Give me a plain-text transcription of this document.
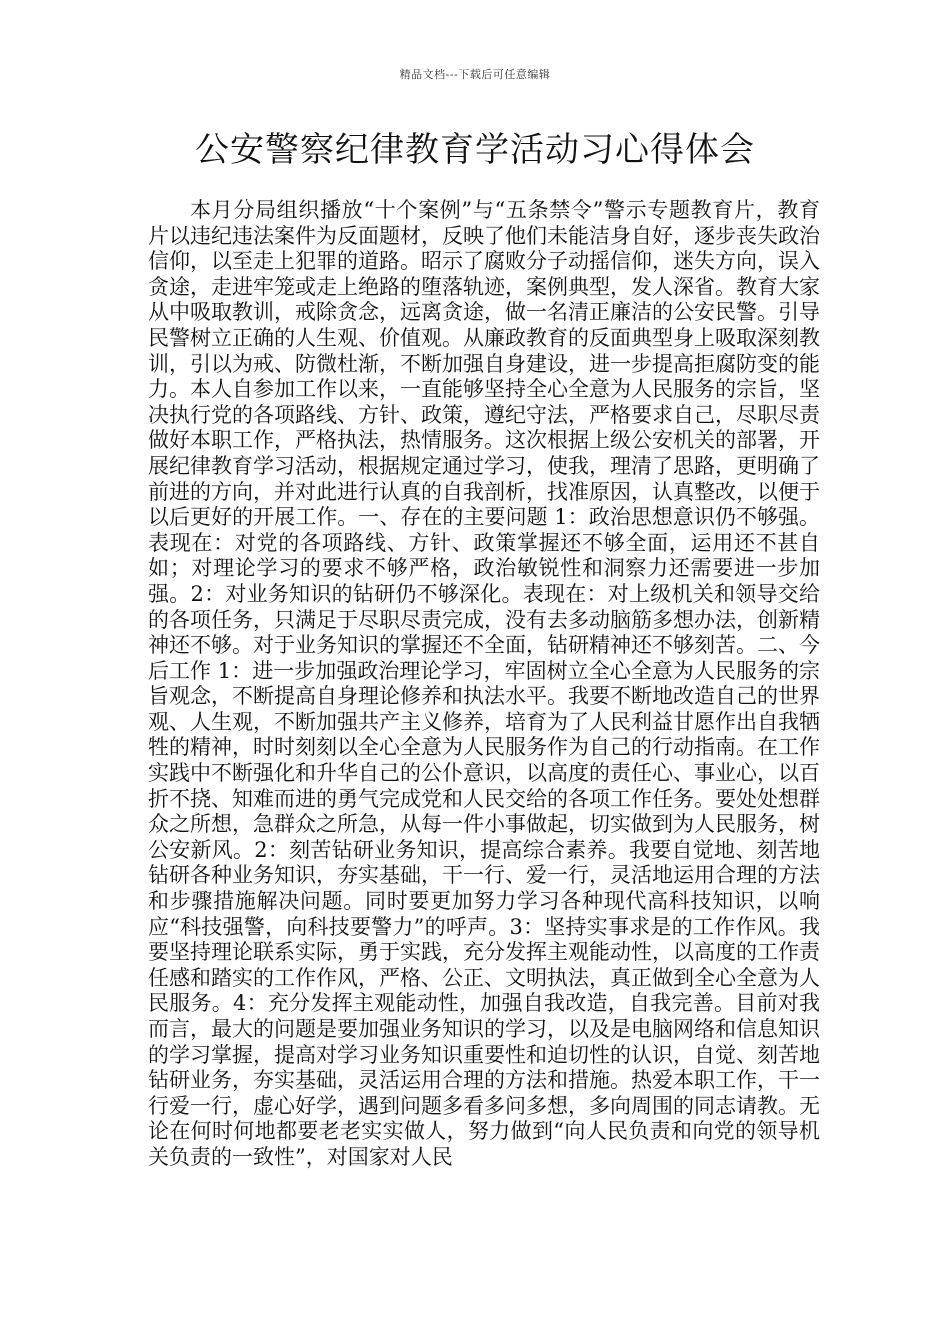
精品文档---下载后可任意编辑
公安警察纪律教育学活动习心得体会

本月分局组织播放“十个案例”与“五条禁令”警示专题教育片，教育片以违纪违法案件为反面题材，反映了他们未能洁身自好，逐步丧失政治信仰，以至走上犯罪的道路。昭示了腐败分子动摇信仰，迷失方向，误入贪途，走进牢笼或走上绝路的堕落轨迹，案例典型，发人深省。教育大家从中吸取教训，戒除贪念，远离贪途，做一名清正廉洁的公安民警。引导民警树立正确的人生观、价值观。从廉政教育的反面典型身上吸取深刻教训，引以为戒、防微杜渐，不断加强自身建设，进一步提高拒腐防变的能力。本人自参加工作以来，一直能够坚持全心全意为人民服务的宗旨，坚决执行党的各项路线、方针、政策，遵纪守法，严格要求自己，尽职尽责做好本职工作，严格执法，热情服务。这次根据上级公安机关的部署，开展纪律教育学习活动，根据规定通过学习，使我，理清了思路，更明确了前进的方向，并对此进行认真的自我剖析，找准原因，认真整改，以便于以后更好的开展工作。一、存在的主要问题 1：政治思想意识仍不够强。表现在：对党的各项路线、方针、政策掌握还不够全面，运用还不甚自如；对理论学习的要求不够严格，政治敏锐性和洞察力还需要进一步加强。2：对业务知识的钻研仍不够深化。表现在：对上级机关和领导交给的各项任务，只满足于尽职尽责完成，没有去多动脑筋多想办法，创新精神还不够。对于业务知识的掌握还不全面，钻研精神还不够刻苦。二、今后工作 1：进一步加强政治理论学习，牢固树立全心全意为人民服务的宗旨观念，不断提高自身理论修养和执法水平。我要不断地改造自己的世界观、人生观，不断加强共产主义修养，培育为了人民利益甘愿作出自我牺牲的精神，时时刻刻以全心全意为人民服务作为自己的行动指南。在工作实践中不断强化和升华自己的公仆意识，以高度的责任心、事业心，以百折不挠、知难而进的勇气完成党和人民交给的各项工作任务。要处处想群众之所想，急群众之所急，从每一件小事做起，切实做到为人民服务，树公安新风。2：刻苦钻研业务知识，提高综合素养。我要自觉地、刻苦地钻研各种业务知识，夯实基础，干一行、爱一行，灵活地运用合理的方法和步骤措施解决问题。同时要更加努力学习各种现代高科技知识，以响应“科技强警，向科技要警力”的呼声。3：坚持实事求是的工作作风。我要坚持理论联系实际，勇于实践，充分发挥主观能动性，以高度的工作责任感和踏实的工作作风，严格、公正、文明执法，真正做到全心全意为人民服务。4：充分发挥主观能动性，加强自我改造，自我完善。目前对我而言，最大的问题是要加强业务知识的学习，以及是电脑网络和信息知识的学习掌握，提高对学习业务知识重要性和迫切性的认识，自觉、刻苦地钻研业务，夯实基础，灵活运用合理的方法和措施。热爱本职工作，干一行爱一行，虚心好学，遇到问题多看多问多想，多向周围的同志请教。无论在何时何地都要老老实实做人，努力做到“向人民负责和向党的领导机关负责的一致性”，对国家对人民
